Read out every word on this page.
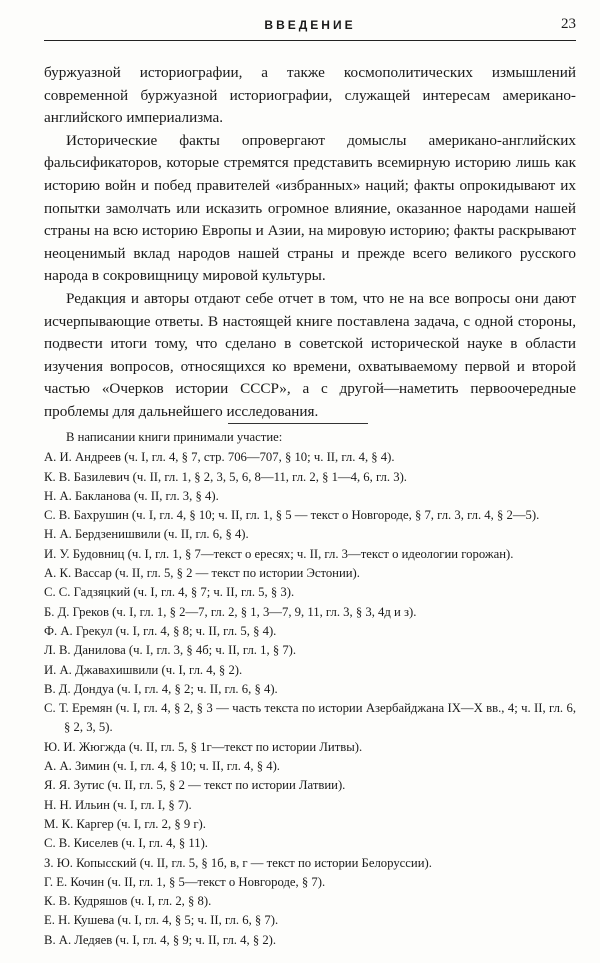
ВВЕДЕНИЕ	23

буржуазной историографии, а также космополитических измышлений современной буржуазной историографии, служащей интересам американо-английского империализма.

Исторические факты опровергают домыслы американо-английских фальсификаторов, которые стремятся представить всемирную историю лишь как историю войн и побед правителей «избранных» наций; факты опрокидывают их попытки замолчать или исказить огромное влияние, оказанное народами нашей страны на всю историю Европы и Азии, на мировую историю; факты раскрывают неоценимый вклад народов нашей страны и прежде всего великого русского народа в сокровищницу мировой культуры.

Редакция и авторы отдают себе отчет в том, что не на все вопросы они дают исчерпывающие ответы. В настоящей книге поставлена задача, с одной стороны, подвести итоги тому, что сделано в советской исторической науке в области изучения вопросов, относящихся ко времени, охватываемому первой и второй частью «Очерков истории СССР», а с другой—наметить первоочередные проблемы для дальнейшего исследования.

В написании книги принимали участие:

А. И. Андреев (ч. I, гл. 4, § 7, стр. 706—707, § 10; ч. II, гл. 4, § 4).

К. В. Базилевич (ч. II, гл. 1, § 2, 3, 5, 6, 8—11, гл. 2, § 1—4, 6, гл. 3).

Н. А. Бакланова (ч. II, гл. 3, § 4).

С. В. Бахрушин (ч. I, гл. 4, § 10; ч. II, гл. 1, § 5 — текст о Новгороде, § 7, гл. 3, гл. 4, § 2—5).

Н. А. Бердзенишвили (ч. II, гл. 6, § 4).

И. У. Будовниц (ч. I, гл. 1, § 7—текст о ересях; ч. II, гл. 3—текст о идеологии горожан).

А. К. Вассар (ч. II, гл. 5, § 2 — текст по истории Эстонии).

С. С. Гадзяцкий (ч. I, гл. 4, § 7; ч. II, гл. 5, § 3).

Б. Д. Греков (ч. I, гл. 1, § 2—7, гл. 2, § 1, 3—7, 9, 11, гл. 3, § 3, 4д и з).

Ф. А. Грекул (ч. I, гл. 4, § 8; ч. II, гл. 5, § 4).

Л. В. Данилова (ч. I, гл. 3, § 4б; ч. II, гл. 1, § 7).

И. А. Джавахишвили (ч. I, гл. 4, § 2).

В. Д. Дондуа (ч. I, гл. 4, § 2; ч. II, гл. 6, § 4).

С. Т. Еремян (ч. I, гл. 4, § 2, § 3 — часть текста по истории Азербайджана IX—X вв., 4; ч. II, гл. 6, § 2, 3, 5).

Ю. И. Жюгжда (ч. II, гл. 5, § 1г—текст по истории Литвы).

А. А. Зимин (ч. I, гл. 4, § 10; ч. II, гл. 4, § 4).

Я. Я. Зутис (ч. II, гл. 5, § 2 — текст по истории Латвии).

Н. Н. Ильин (ч. I, гл. I, § 7).

М. К. Каргер (ч. I, гл. 2, § 9 г).

С. В. Киселев (ч. I, гл. 4, § 11).

З. Ю. Копысский (ч. II, гл. 5, § 1б, в, г — текст по истории Белоруссии).

Г. Е. Кочин (ч. II, гл. 1, § 5—текст о Новгороде, § 7).

К. В. Кудряшов (ч. I, гл. 2, § 8).

Е. Н. Кушева (ч. I, гл. 4, § 5; ч. II, гл. 6, § 7).

В. А. Ледяев (ч. I, гл. 4, § 9; ч. II, гл. 4, § 2).
